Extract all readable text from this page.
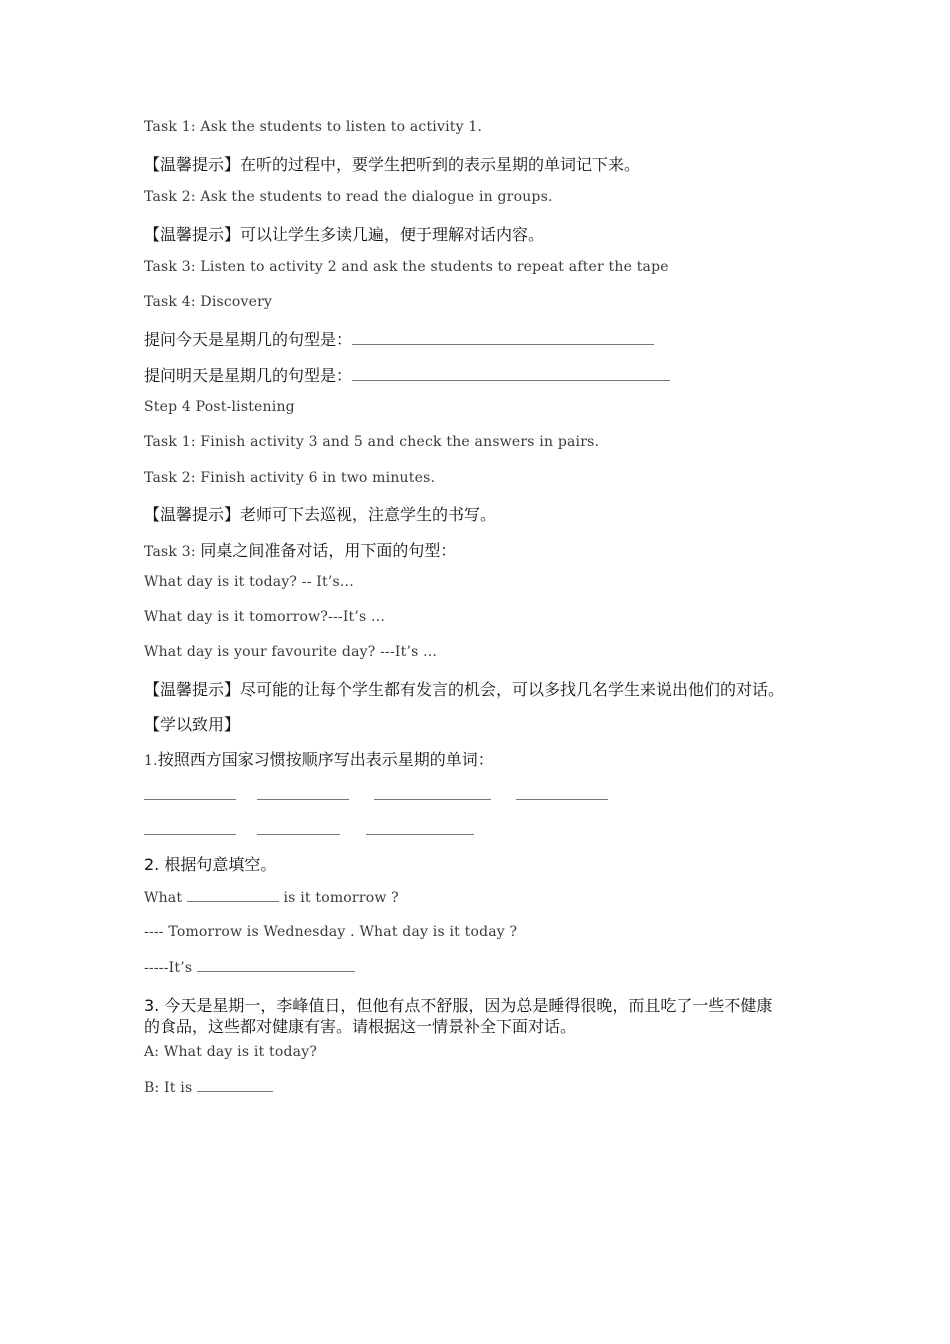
Task 1: Ask the students to listen to activity 1.
【温馨提示】在听的过程中，要学生把听到的表示星期的单词记下来。
Task 2: Ask the students to read the dialogue in groups.
【温馨提示】可以让学生多读几遍，便于理解对话内容。
Task 3: Listen to activity 2 and ask the students to repeat after the tape
Task 4: Discovery
提问今天是星期几的句型是：
提问明天是星期几的句型是：
Step 4 Post-listening
Task 1: Finish activity 3 and 5 and check the answers in pairs.
Task 2: Finish activity 6 in two minutes.
【温馨提示】老师可下去巡视，注意学生的书写。
Task 3: 同桌之间准备对话，用下面的句型：
What day is it today? -- It’s...
What day is it tomorrow?---It’s ...
What day is your favourite day? ---It’s ...
【温馨提示】尽可能的让每个学生都有发言的机会，可以多找几名学生来说出他们的对话。
【学以致用】
1.按照西方国家习惯按顺序写出表示星期的单词：
2. 根据句意填空。
What	is it tomorrow ?
---- Tomorrow is Wednesday . What day is it today ?
-----It’s
3. 今天是星期一，李峰值日，但他有点不舒服，因为总是睡得很晚，而且吃了一些不健康
的食品，这些都对健康有害。请根据这一情景补全下面对话。
A: What day is it today?
B: It is
